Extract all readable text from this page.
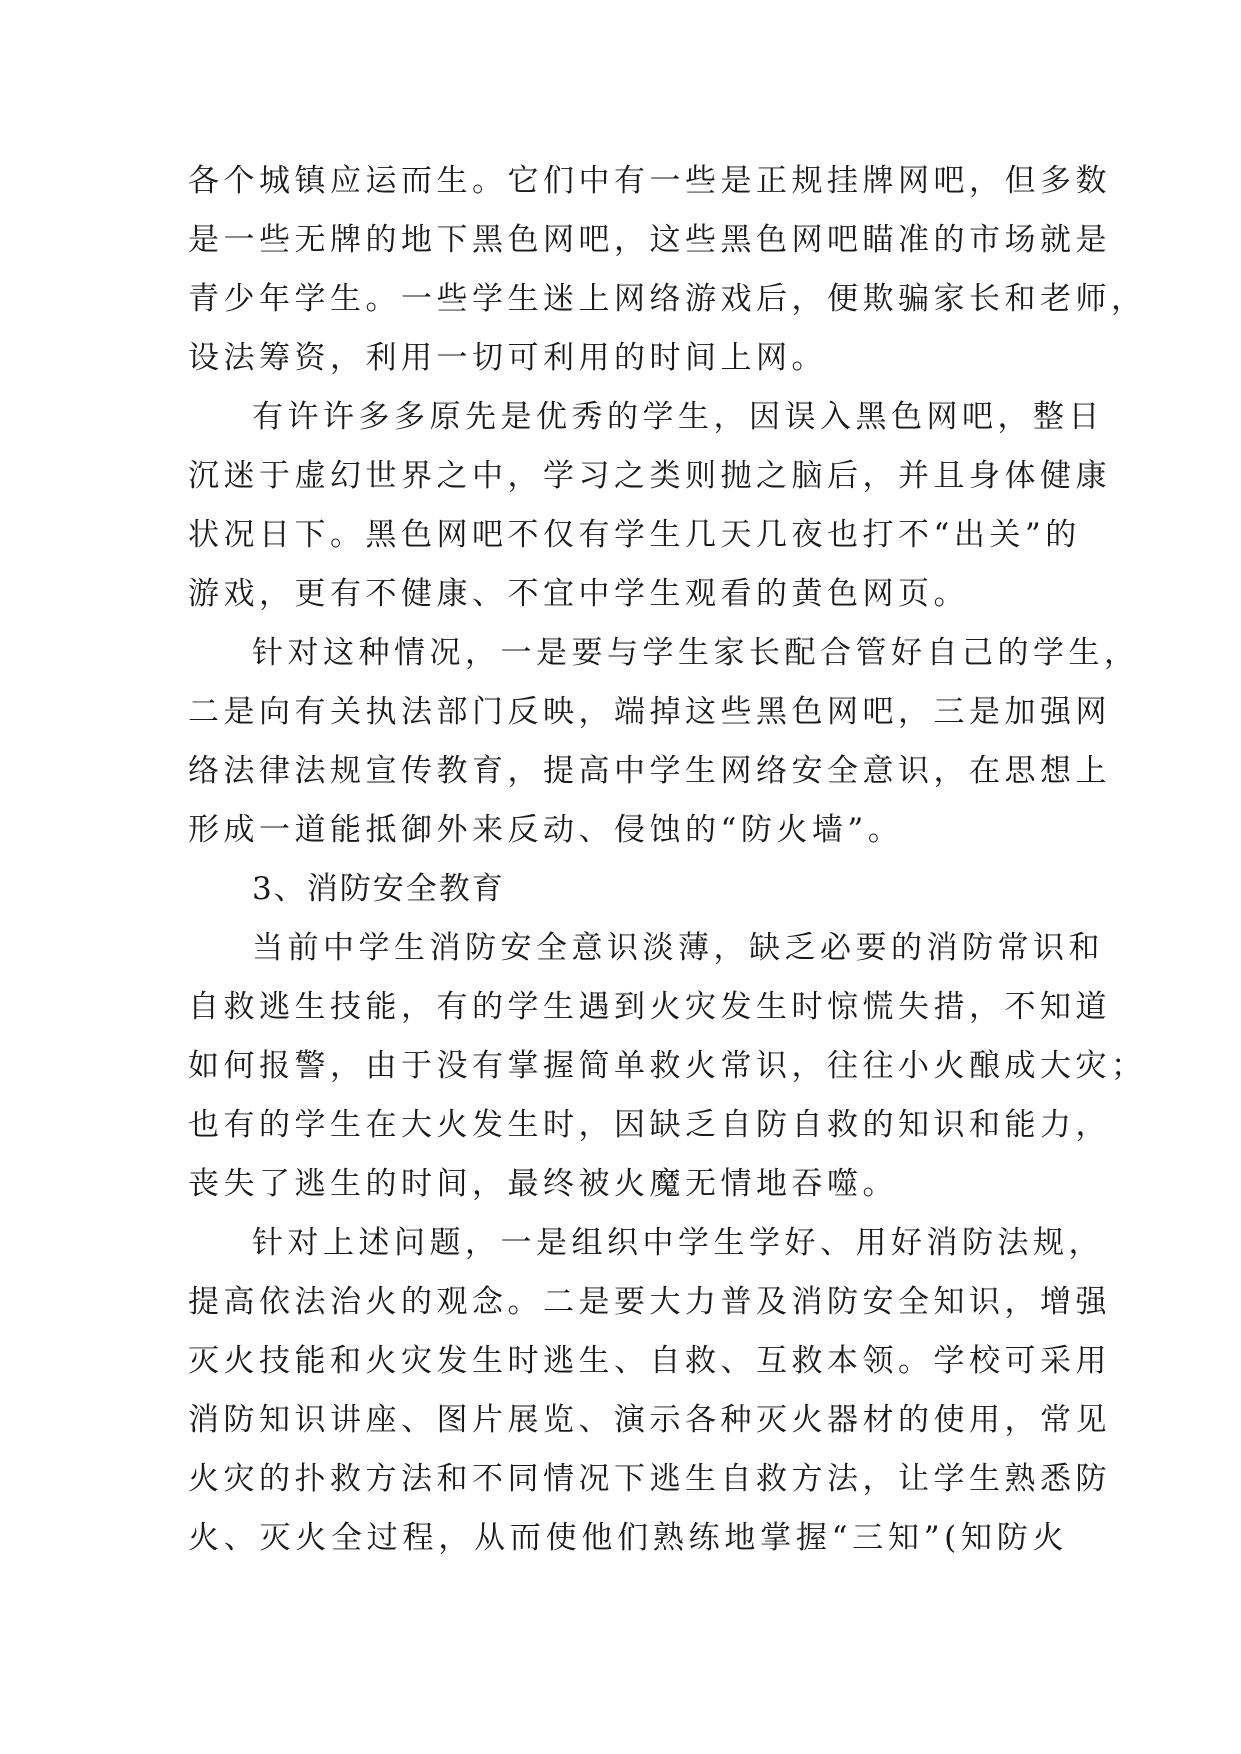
各个城镇应运而生。它们中有一些是正规挂牌网吧，但多数
是一些无牌的地下黑色网吧，这些黑色网吧瞄准的市场就是
青少年学生。一些学生迷上网络游戏后，便欺骗家长和老师，
设法筹资，利用一切可利用的时间上网。
有许许多多原先是优秀的学生，因误入黑色网吧，整日
沉迷于虚幻世界之中，学习之类则抛之脑后，并且身体健康
状况日下。黑色网吧不仅有学生几天几夜也打不“出关”的
游戏，更有不健康、不宜中学生观看的黄色网页。
针对这种情况，一是要与学生家长配合管好自己的学生，
二是向有关执法部门反映，端掉这些黑色网吧，三是加强网
络法律法规宣传教育，提高中学生网络安全意识，在思想上
形成一道能抵御外来反动、侵蚀的“防火墙”。
3、消防安全教育
当前中学生消防安全意识淡薄，缺乏必要的消防常识和
自救逃生技能，有的学生遇到火灾发生时惊慌失措，不知道
如何报警，由于没有掌握简单救火常识，往往小火酿成大灾；
也有的学生在大火发生时，因缺乏自防自救的知识和能力，
丧失了逃生的时间，最终被火魔无情地吞噬。
针对上述问题，一是组织中学生学好、用好消防法规，
提高依法治火的观念。二是要大力普及消防安全知识，增强
灭火技能和火灾发生时逃生、自救、互救本领。学校可采用
消防知识讲座、图片展览、演示各种灭火器材的使用，常见
火灾的扑救方法和不同情况下逃生自救方法，让学生熟悉防
火、灭火全过程，从而使他们熟练地掌握“三知”(知防火
